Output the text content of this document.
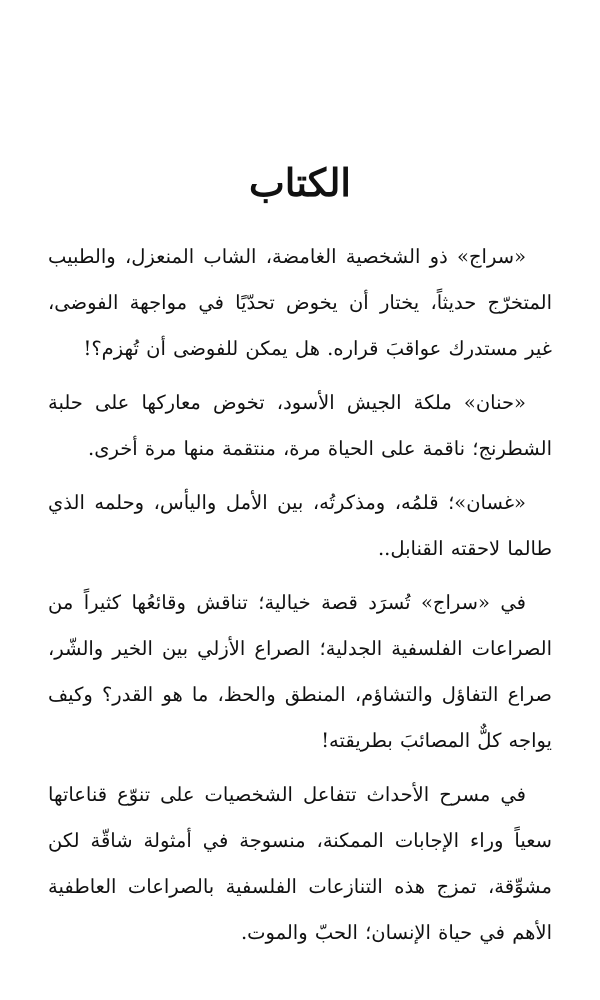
الكتاب

«سراج» ذو الشخصية الغامضة، الشاب المنعزل، والطبيب المتخرّج حديثاً، يختار أن يخوض تحدّيًا في مواجهة الفوضى، غير مستدرك عواقبَ قراره. هل يمكن للفوضى أن تُهزم؟!

«حنان» ملكة الجيش الأسود، تخوض معاركها على حلبة الشطرنج؛ ناقمة على الحياة مرة، منتقمة منها مرة أخرى.

«غسان»؛ قلمُه، ومذكرتُه، بين الأمل واليأس، وحلمه الذي طالما لاحقته القنابل..

في «سراج» تُسرَد قصة خيالية؛ تناقش وقائعُها كثيراً من الصراعات الفلسفية الجدلية؛ الصراع الأزلي بين الخير والشّر، صراع التفاؤل والتشاؤم، المنطق والحظ، ما هو القدر؟ وكيف يواجه كلٌّ المصائبَ بطريقته!

في مسرح الأحداث تتفاعل الشخصيات على تنوّع قناعاتها سعياً وراء الإجابات الممكنة، منسوجة في أمثولة شاقّة لكن مشوِّقة، تمزج هذه التنازعات الفلسفية بالصراعات العاطفية الأهم في حياة الإنسان؛ الحبّ والموت.
